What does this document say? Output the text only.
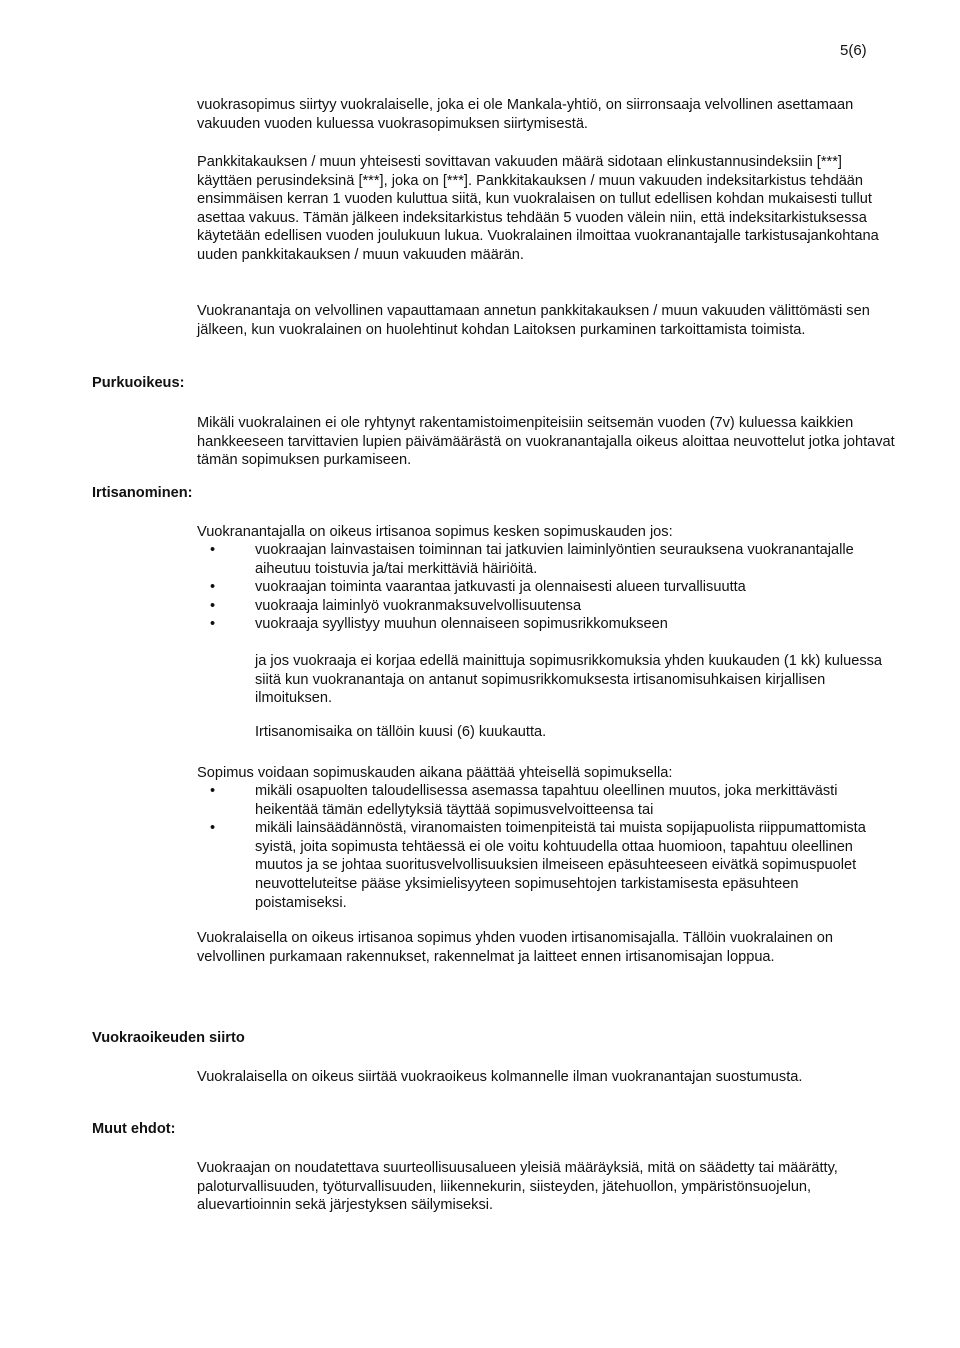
5(6)

vuokrasopimus siirtyy vuokralaiselle, joka ei ole Mankala-yhtiö, on siirronsaaja velvollinen asettamaan vakuuden vuoden kuluessa vuokrasopimuksen siirtymisestä.

Pankkitakauksen / muun yhteisesti sovittavan vakuuden määrä sidotaan elinkustannusindeksiin [***] käyttäen perusindeksinä [***], joka on [***]. Pankkitakauksen / muun vakuuden indeksitarkistus tehdään ensimmäisen kerran 1 vuoden kuluttua siitä, kun vuokralaisen on tullut edellisen kohdan mukaisesti tullut asettaa vakuus. Tämän jälkeen indeksitarkistus tehdään 5 vuoden välein niin, että indeksitarkistuksessa käytetään edellisen vuoden joulukuun lukua. Vuokralainen ilmoittaa vuokranantajalle tarkistusajankohtana uuden pankkitakauksen / muun vakuuden määrän.

Vuokranantaja on velvollinen vapauttamaan annetun pankkitakauksen / muun vakuuden välittömästi sen jälkeen, kun vuokralainen on huolehtinut kohdan Laitoksen purkaminen tarkoittamista toimista.

Purkuoikeus:

Mikäli vuokralainen ei ole ryhtynyt rakentamistoimenpiteisiin seitsemän vuoden (7v) kuluessa kaikkien hankkeeseen tarvittavien lupien päivämäärästä on vuokranantajalla oikeus aloittaa neuvottelut jotka johtavat tämän sopimuksen purkamiseen.

Irtisanominen:

Vuokranantajalla on oikeus irtisanoa sopimus kesken sopimuskauden jos:

•	vuokraajan lainvastaisen toiminnan tai jatkuvien laiminlyöntien seurauksena vuokranantajalle aiheutuu toistuvia ja/tai merkittäviä häiriöitä.
•	vuokraajan toiminta vaarantaa jatkuvasti ja olennaisesti alueen turvallisuutta
•	vuokraaja laiminlyö vuokranmaksuvelvollisuutensa
•	vuokraaja syyllistyy muuhun olennaiseen sopimusrikkomukseen

ja jos vuokraaja ei korjaa edellä mainittuja sopimusrikkomuksia yhden kuukauden (1 kk) kuluessa siitä kun vuokranantaja on antanut sopimusrikkomuksesta irtisanomisuhkaisen kirjallisen ilmoituksen.

Irtisanomisaika on tällöin kuusi (6) kuukautta.

Sopimus voidaan sopimuskauden aikana päättää yhteisellä sopimuksella:

•	mikäli osapuolten taloudellisessa asemassa tapahtuu oleellinen muutos, joka merkittävästi heikentää tämän edellytyksiä täyttää sopimusvelvoitteensa tai
•	mikäli lainsäädännöstä, viranomaisten toimenpiteistä tai muista sopijapuolista riippumattomista syistä, joita sopimusta tehtäessä ei ole voitu kohtuudella ottaa huomioon, tapahtuu oleellinen muutos ja se johtaa suoritusvelvollisuuksien ilmeiseen epäsuhteeseen eivätkä sopimuspuolet neuvotteluteitse pääse yksimielisyyteen sopimusehtojen tarkistamisesta epäsuhteen poistamiseksi.

Vuokralaisella on oikeus irtisanoa sopimus yhden vuoden irtisanomisajalla. Tällöin vuokralainen on velvollinen purkamaan rakennukset, rakennelmat ja laitteet ennen irtisanomisajan loppua.

Vuokraoikeuden siirto

Vuokralaisella on oikeus siirtää vuokraoikeus kolmannelle ilman vuokranantajan suostumusta.

Muut ehdot:

Vuokraajan on noudatettava suurteollisuusalueen yleisiä määräyksiä, mitä on säädetty tai määrätty, paloturvallisuuden, työturvallisuuden, liikennekurin, siisteyden, jätehuollon, ympäristönsuojelun, aluevartioinnin sekä järjestyksen säilymiseksi.
